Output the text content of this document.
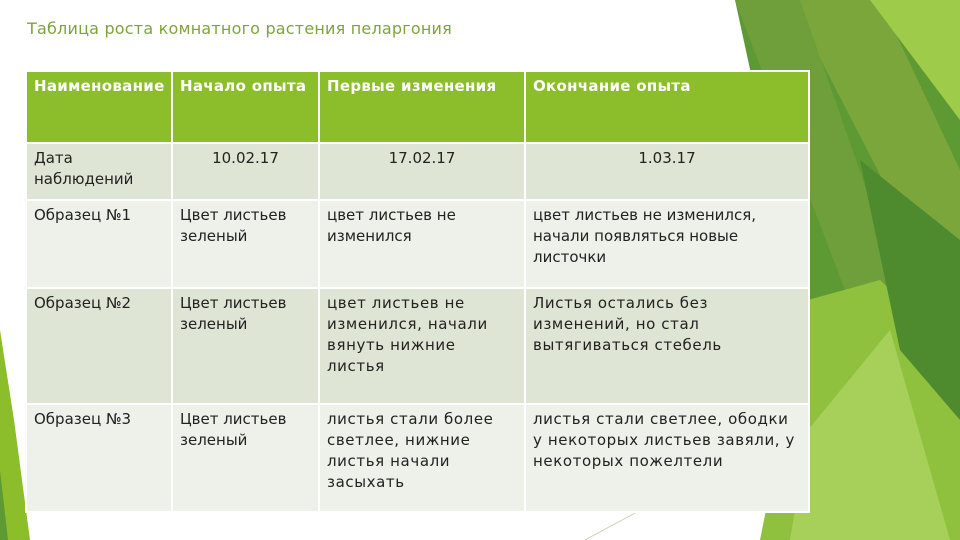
Таблица роста комнатного растения пеларгония
Наименование	Начало опыта	Первые изменения	Окончание опыта
Дата наблюдений	10.02.17	17.02.17	1.03.17
Образец №1	Цвет листьев зеленый	цвет листьев не изменился	цвет листьев не изменился, начали появляться новые листочки
Образец №2	Цвет листьев зеленый	цвет листьев не изменился, начали вянуть нижние листья	Листья остались без изменений, но стал вытягиваться стебель
Образец №3	Цвет листьев зеленый	листья стали более светлее, нижние листья начали засыхать	листья стали светлее, ободки у некоторых листьев завяли, у некоторых пожелтели
